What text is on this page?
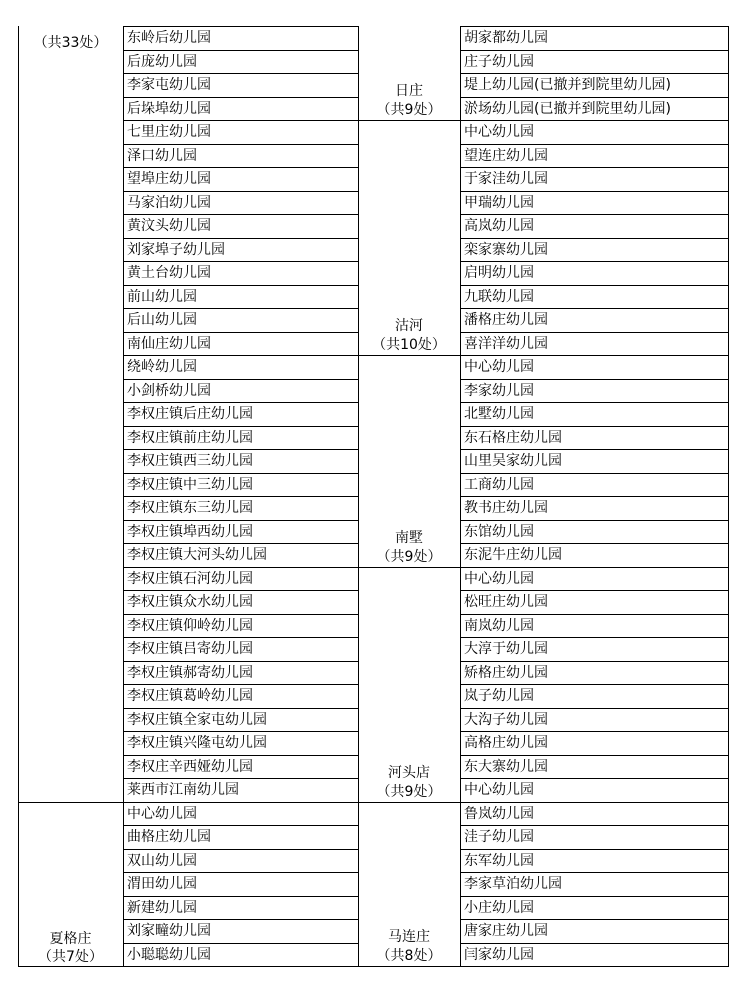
东岭后幼儿园
后庞幼儿园
李家屯幼儿园
后垛埠幼儿园
七里庄幼儿园
泽口幼儿园
望埠庄幼儿园
马家泊幼儿园
黄汶头幼儿园
刘家埠子幼儿园
黄土台幼儿园
前山幼儿园
后山幼儿园
南仙庄幼儿园
绕岭幼儿园
小剑桥幼儿园
李权庄镇后庄幼儿园
李权庄镇前庄幼儿园
李权庄镇西三幼儿园
李权庄镇中三幼儿园
李权庄镇东三幼儿园
李权庄镇埠西幼儿园
李权庄镇大河头幼儿园
李权庄镇石河幼儿园
李权庄镇众水幼儿园
李权庄镇仰岭幼儿园
李权庄镇吕寄幼儿园
李权庄镇郝寄幼儿园
李权庄镇葛岭幼儿园
李权庄镇全家屯幼儿园
李权庄镇兴隆屯幼儿园
李权庄辛西娅幼儿园
莱西市江南幼儿园
中心幼儿园
曲格庄幼儿园
双山幼儿园
渭田幼儿园
新建幼儿园
刘家疃幼儿园
小聪聪幼儿园
胡家都幼儿园
庄子幼儿园
堤上幼儿园(已撤并到院里幼儿园)
淤场幼儿园(已撤并到院里幼儿园)
中心幼儿园
望连庄幼儿园
于家洼幼儿园
甲瑞幼儿园
高岚幼儿园
栾家寨幼儿园
启明幼儿园
九联幼儿园
潘格庄幼儿园
喜洋洋幼儿园
中心幼儿园
李家幼儿园
北墅幼儿园
东石格庄幼儿园
山里吴家幼儿园
工商幼儿园
教书庄幼儿园
东馆幼儿园
东泥牛庄幼儿园
中心幼儿园
松旺庄幼儿园
南岚幼儿园
大淳于幼儿园
矫格庄幼儿园
岚子幼儿园
大沟子幼儿园
高格庄幼儿园
东大寨幼儿园
中心幼儿园
鲁岚幼儿园
洼子幼儿园
东军幼儿园
李家草泊幼儿园
小庄幼儿园
唐家庄幼儿园
闫家幼儿园
（共33处）
夏格庄
（共7处）
日庄
（共9处）
沽河
（共10处）
南墅
（共9处）
河头店
（共9处）
马连庄
（共8处）
